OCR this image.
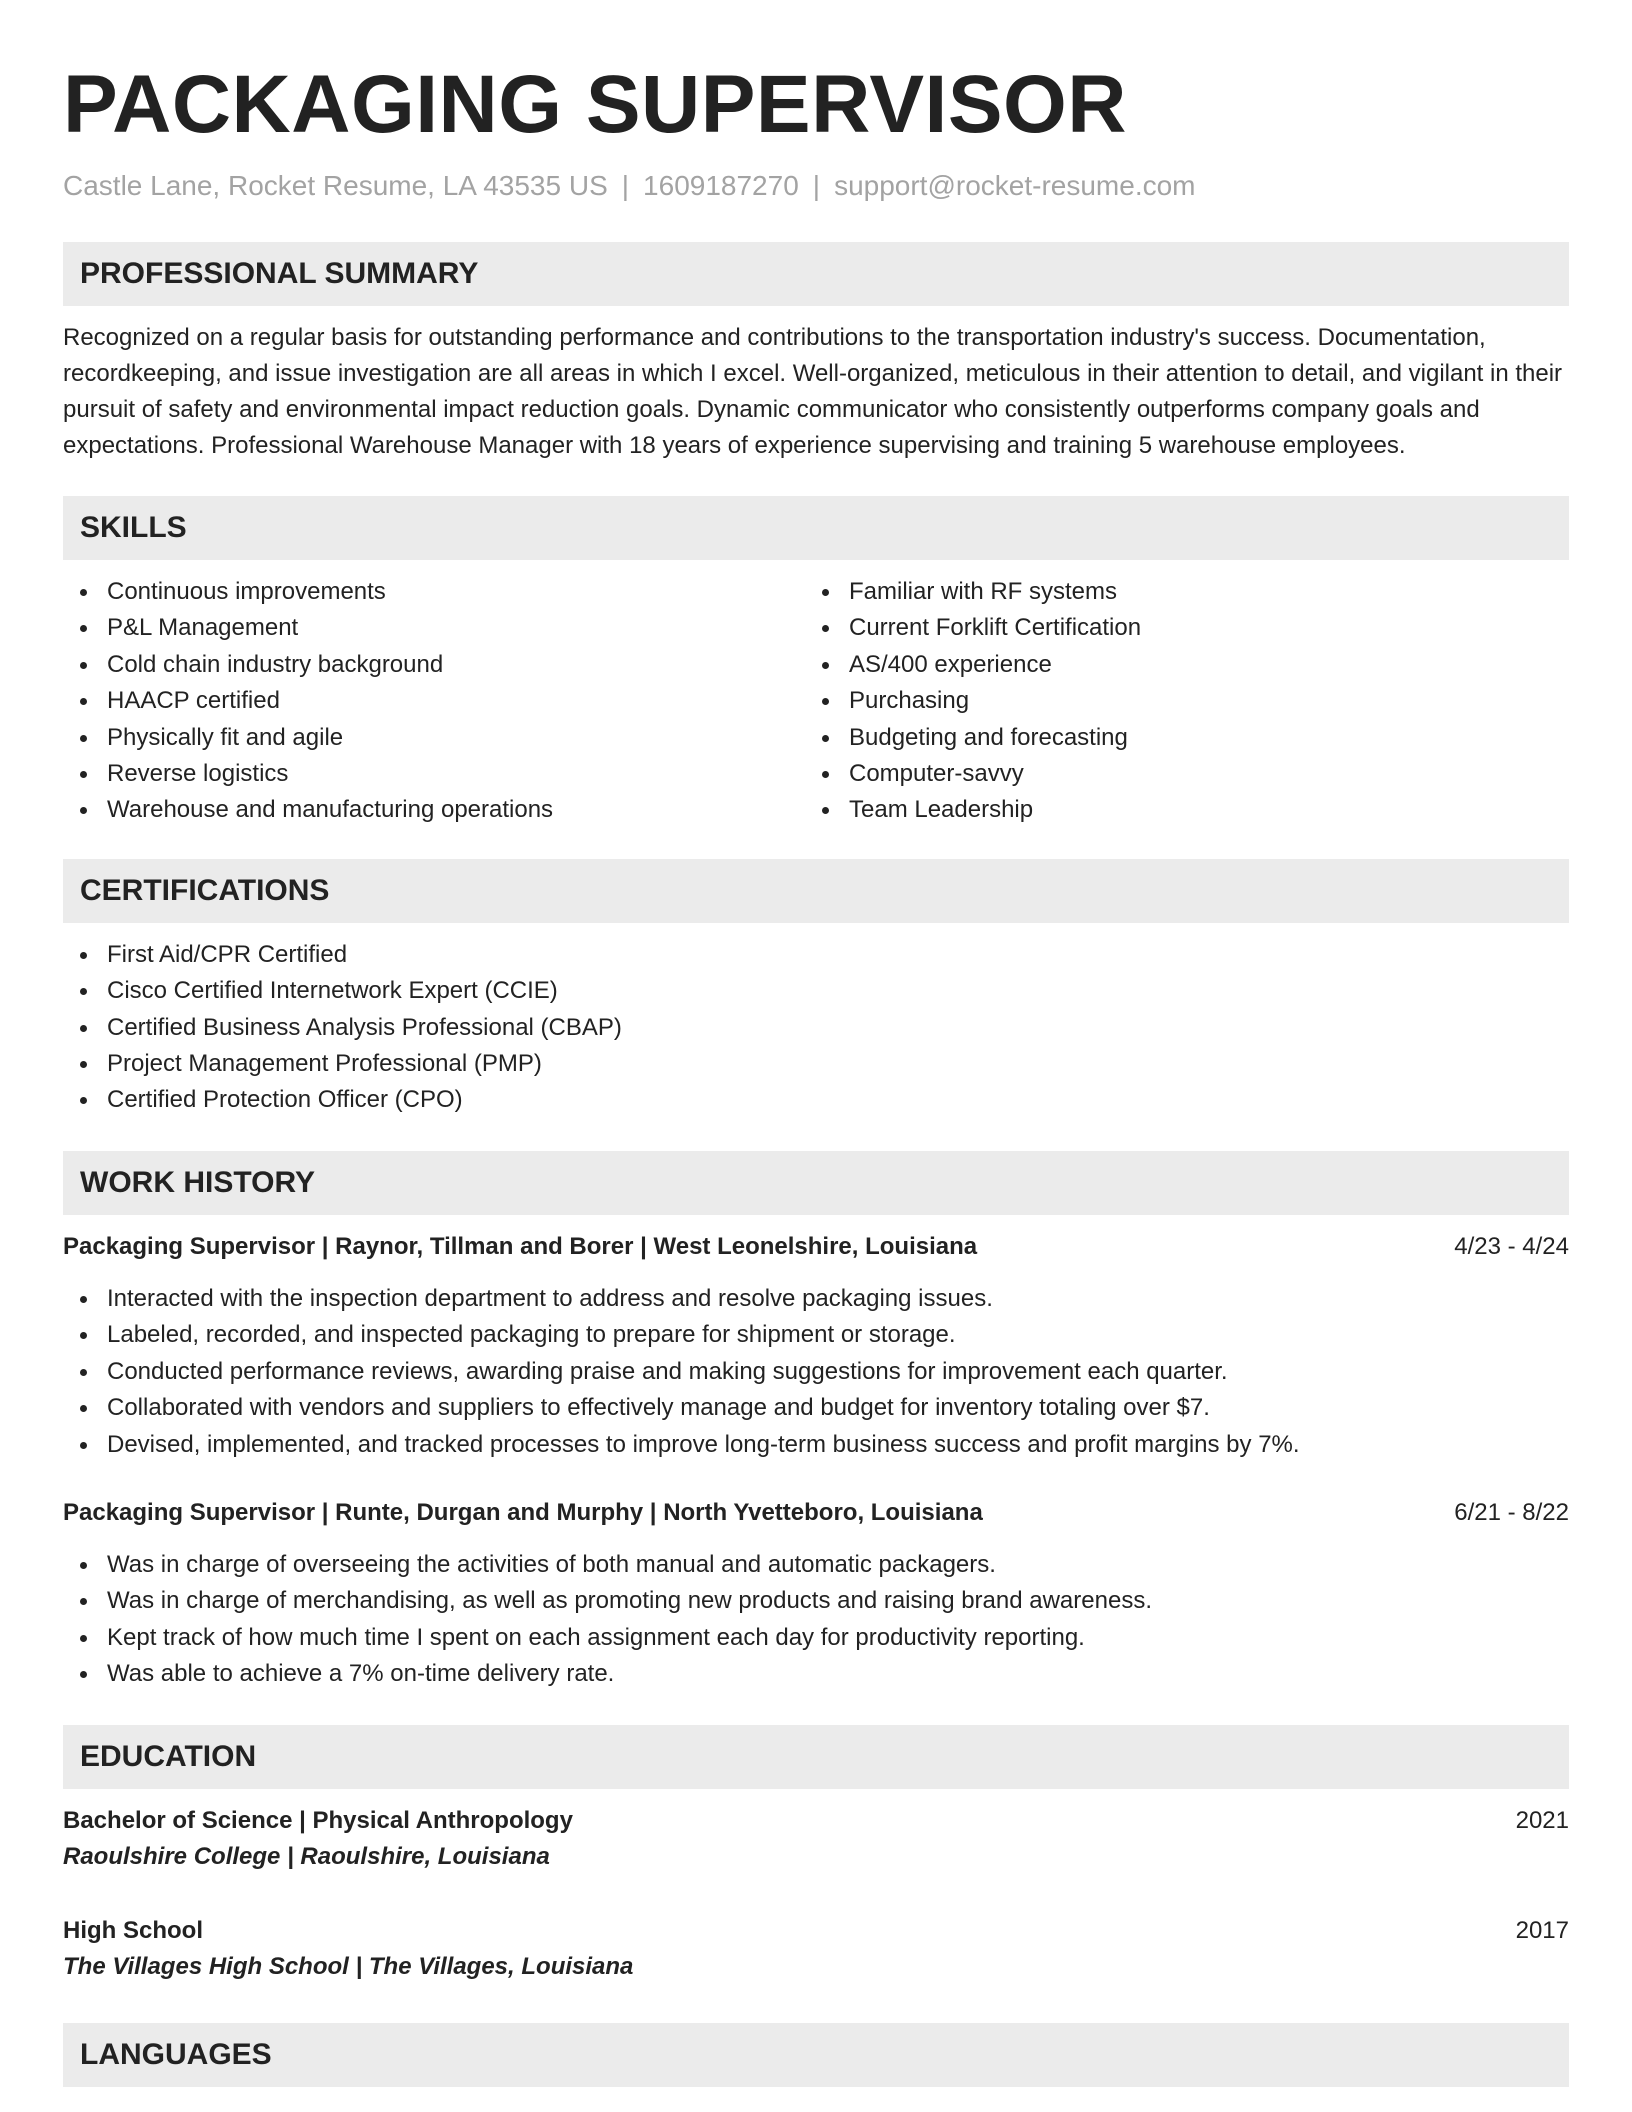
PACKAGING SUPERVISOR
Castle Lane, Rocket Resume, LA 43535 US | 1609187270 | support@rocket-resume.com
PROFESSIONAL SUMMARY

Recognized on a regular basis for outstanding performance and contributions to the transportation industry's success. Documentation, recordkeeping, and issue investigation are all areas in which I excel. Well-organized, meticulous in their attention to detail, and vigilant in their pursuit of safety and environmental impact reduction goals. Dynamic communicator who consistently outperforms company goals and expectations. Professional Warehouse Manager with 18 years of experience supervising and training 5 warehouse employees.

SKILLS
Continuous improvements
P&L Management
Cold chain industry background
HAACP certified
Physically fit and agile
Reverse logistics
Warehouse and manufacturing operations
Familiar with RF systems
Current Forklift Certification
AS/400 experience
Purchasing
Budgeting and forecasting
Computer-savvy
Team Leadership
CERTIFICATIONS
First Aid/CPR Certified
Cisco Certified Internetwork Expert (CCIE)
Certified Business Analysis Professional (CBAP)
Project Management Professional (PMP)
Certified Protection Officer (CPO)
WORK HISTORY
Packaging Supervisor | Raynor, Tillman and Borer | West Leonelshire, Louisiana	4/23 - 4/24
Interacted with the inspection department to address and resolve packaging issues.
Labeled, recorded, and inspected packaging to prepare for shipment or storage.
Conducted performance reviews, awarding praise and making suggestions for improvement each quarter.
Collaborated with vendors and suppliers to effectively manage and budget for inventory totaling over $7.
Devised, implemented, and tracked processes to improve long-term business success and profit margins by 7%.
Packaging Supervisor | Runte, Durgan and Murphy | North Yvetteboro, Louisiana	6/21 - 8/22
Was in charge of overseeing the activities of both manual and automatic packagers.
Was in charge of merchandising, as well as promoting new products and raising brand awareness.
Kept track of how much time I spent on each assignment each day for productivity reporting.
Was able to achieve a 7% on-time delivery rate.
EDUCATION
Bachelor of Science | Physical Anthropology	2021
Raoulshire College | Raoulshire, Louisiana
High School	2017
The Villages High School | The Villages, Louisiana
LANGUAGES
